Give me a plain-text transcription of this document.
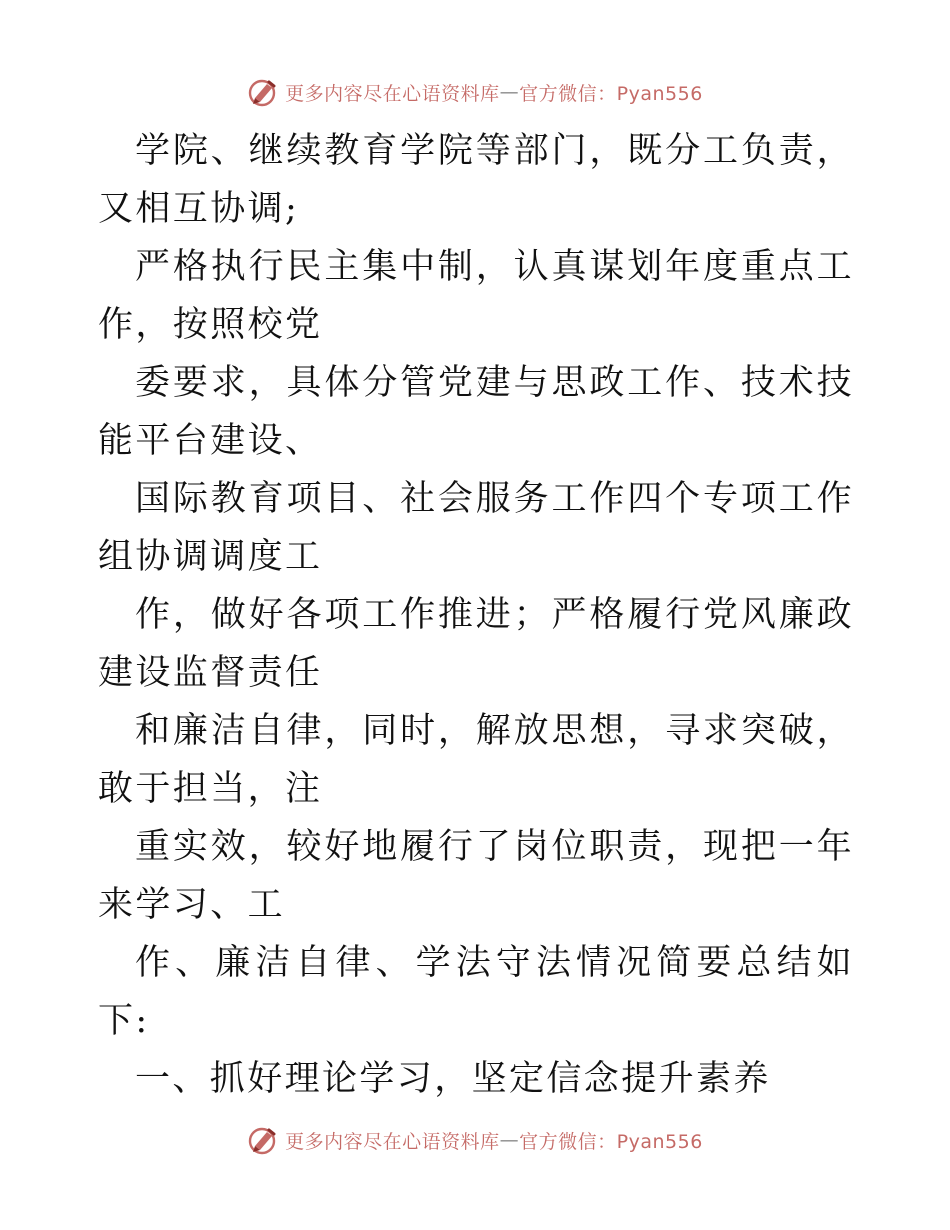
更多内容尽在心语资料库 — 官方微信：Pyan556

学院、继续教育学院等部门，既分工负责，又相互协调;

严格执行民主集中制，认真谋划年度重点工作，按照校党

委要求，具体分管党建与思政工作、技术技能平台建设、

国际教育项目、社会服务工作四个专项工作组协调调度工

作，做好各项工作推进；严格履行党风廉政建设监督责任

和廉洁自律，同时，解放思想，寻求突破，敢于担当，注

重实效，较好地履行了岗位职责，现把一年来学习、工

作、廉洁自律、学法守法情况简要总结如下:

一、抓好理论学习，坚定信念提升素养

更多内容尽在心语资料库 — 官方微信：Pyan556
